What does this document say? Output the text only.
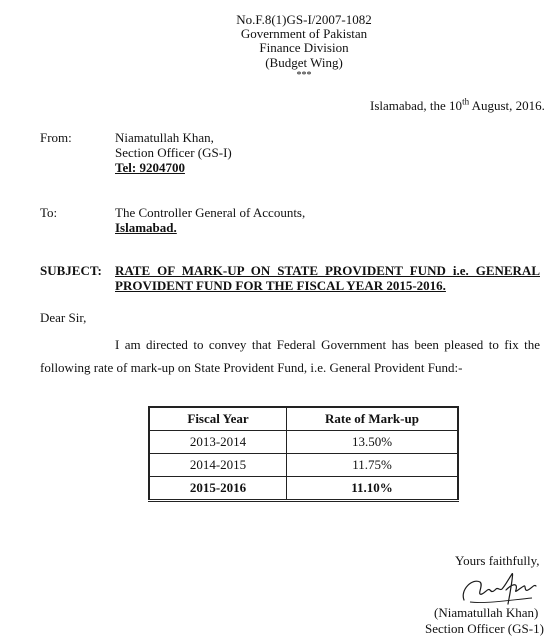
No.F.8(1)GS-I/2007-1082
Government of Pakistan
Finance Division
(Budget Wing)
***
Islamabad, the 10th August, 2016.
From:	Niamatullah Khan,
Section Officer (GS-I)
Tel: 9204700
To:	The Controller General of Accounts,
Islamabad.
SUBJECT: RATE OF MARK-UP ON STATE PROVIDENT FUND i.e. GENERAL
PROVIDENT FUND FOR THE FISCAL YEAR 2015-2016.
Dear Sir,
I am directed to convey that Federal Government has been pleased to fix the
following rate of mark-up on State Provident Fund, i.e. General Provident Fund:-
Fiscal Year	Rate of Mark-up
2013-2014	13.50%
2014-2015	11.75%
2015-2016	11.10%
Yours faithfully,
(Niamatullah Khan)
Section Officer (GS-1)
